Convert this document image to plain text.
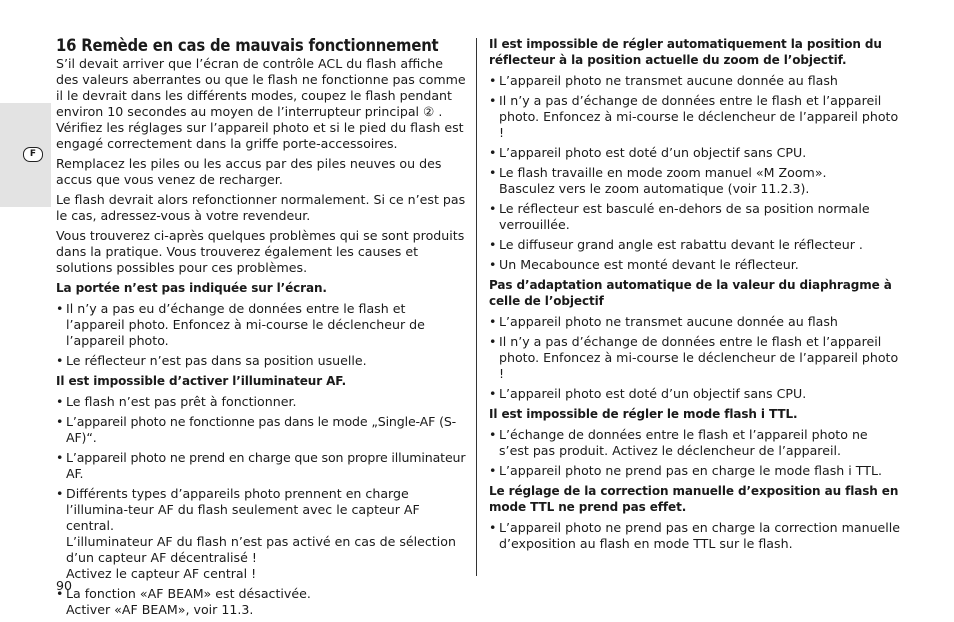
F
16 Remède en cas de mauvais fonctionnement

S’il devait arriver que l’écran de contrôle ACL du flash affiche des valeurs aberrantes ou que le flash ne fonctionne pas comme il le devrait dans les différents modes, coupez le flash pendant environ 10 secondes au moyen de l’interrupteur principal ② . Vérifiez les réglages sur l’appareil photo et si le pied du flash est engagé correctement dans la griffe porte-accessoires.

Remplacez les piles ou les accus par des piles neuves ou des accus que vous venez de recharger.

Le flash devrait alors refonctionner normalement. Si ce n’est pas le cas, adressez-vous à votre revendeur.

Vous trouverez ci-après quelques problèmes qui se sont produits dans la pratique. Vous trouverez également les causes et solutions possibles pour ces problèmes.

La portée n’est pas indiquée sur l’écran.
• Il n’y a pas eu d’échange de données entre le flash et l’appareil photo. Enfoncez à mi-course le déclencheur de l’appareil photo.
• Le réflecteur n’est pas dans sa position usuelle.
Il est impossible d’activer l’illuminateur AF.
• Le flash n’est pas prêt à fonctionner.
• L’appareil photo ne fonctionne pas dans le mode „Single-AF (S-AF)“.
• L’appareil photo ne prend en charge que son propre illuminateur AF.
• Différents types d’appareils photo prennent en charge l’illumina-teur AF du flash seulement avec le capteur AF central.
L’illuminateur AF du flash n’est pas activé en cas de sélection d’un capteur AF décentralisé !
Activez le capteur AF central !
• La fonction «AF BEAM» est désactivée.
Activer «AF BEAM», voir 11.3.
Il est impossible de régler automatiquement la position du réflecteur à la position actuelle du zoom de l’objectif.
• L’appareil photo ne transmet aucune donnée au flash
• Il n’y a pas d’échange de données entre le flash et l’appareil photo. Enfoncez à mi-course le déclencheur de l’appareil photo !
• L’appareil photo est doté d’un objectif sans CPU.
• Le flash travaille en mode zoom manuel «M Zoom».
Basculez vers le zoom automatique (voir 11.2.3).
• Le réflecteur est basculé en-dehors de sa position normale verrouillée.
• Le diffuseur grand angle est rabattu devant le réflecteur .
• Un Mecabounce est monté devant le réflecteur.
Pas d’adaptation automatique de la valeur du diaphragme à celle de l’objectif
• L’appareil photo ne transmet aucune donnée au flash
• Il n’y a pas d’échange de données entre le flash et l’appareil photo. Enfoncez à mi-course le déclencheur de l’appareil photo !
• L’appareil photo est doté d’un objectif sans CPU.
Il est impossible de régler le mode flash i TTL.
• L’échange de données entre le flash et l’appareil photo ne s’est pas produit. Activez le déclencheur de l’appareil.
• L’appareil photo ne prend pas en charge le mode flash i TTL.
Le réglage de la correction manuelle d’exposition au flash en mode TTL ne prend pas effet.
• L’appareil photo ne prend pas en charge la correction manuelle d’exposition au flash en mode TTL sur le flash.
90
